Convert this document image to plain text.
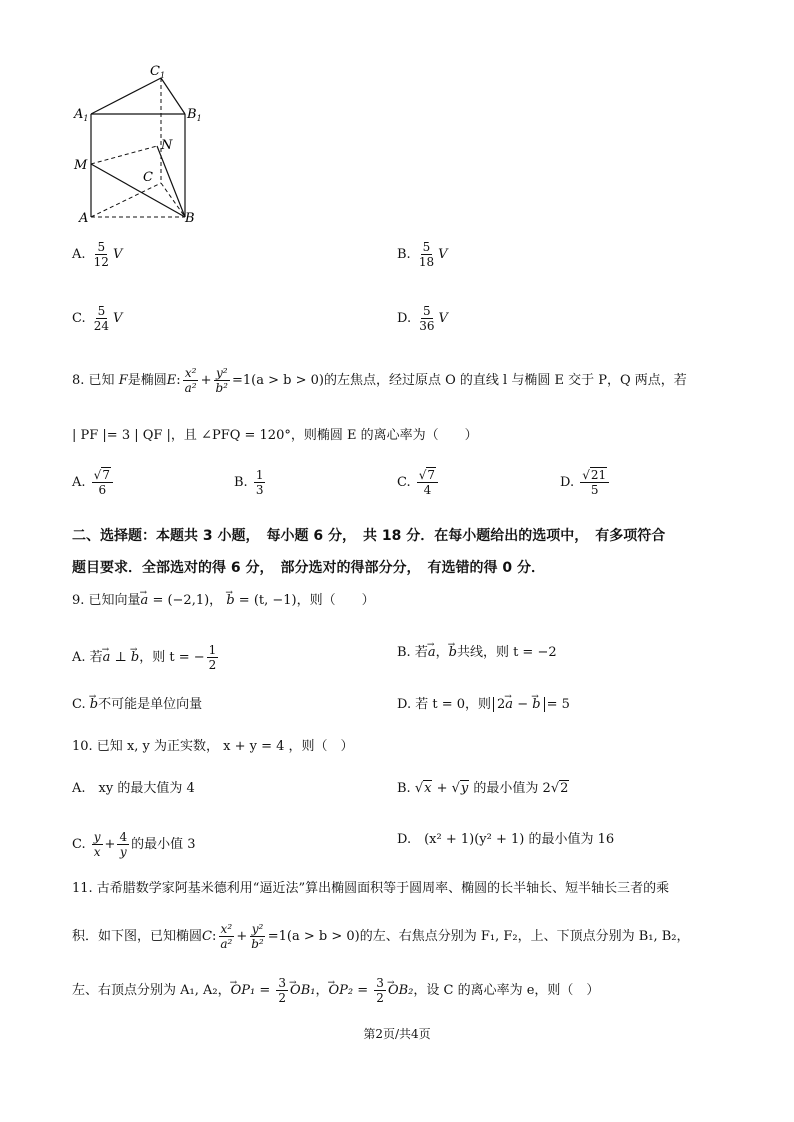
$C_1$
$A_1$	$B_1$
N
M
C
A	B
A. $\frac{5}{12}$ V	B. $\frac{5}{18}$ V
C. $\frac{5}{24}$ V	D. $\frac{5}{36}$ V
8. 已知 F是椭圆E: $\frac{\text{x²}}{\text{a²}} + \frac{\text{y²}}{\text{b²}} =1(a > b > 0)$的左焦点，经过原点 O 的直线 l 与椭圆 E 交于 P，Q 两点，若
| PF |= 3 | QF |，且 ∠PFQ = 120°，则椭圆 E 的离心率为（　　）
A. $\frac{√7}{6}$	B. $\frac{1}{3}$	C. $\frac{√7}{4}$	D. $\frac{√21}{5}$
二、选择题：本题共 3 小题，　每小题 6 分，　共 18 分．在每小题给出的选项中，　有多项符合
题目要求．全部选对的得 6 分，　部分选对的得部分分，　有选错的得 0 分．
9. 已知向量→ a = (−2,1)， → b = (t, −1)，则（　　）
A. 若→ a ⊥ → b，则 t = − $\frac{1}{2}$	B. 若→ a，→ b共线，则 t = −2
C. → b不可能是单位向量	D. 若 t = 0，则 2→ a − → b = 5
10. 已知 x, y 为正实数， x + y = 4 ，则（　）
A.　xy 的最大值为 4	B. √x + √y 的最小值为 2√2
C. $\frac{y}{x} + \frac{4}{y}$ 的最小值 3	D.　(x² + 1)(y² + 1) 的最小值为 16
11. 古希腊数学家阿基米德利用“逼近法”算出椭圆面积等于圆周率、椭圆的长半轴长、短半轴长三者的乘
积．如下图，已知椭圆C: $\frac{\text{x²}}{\text{a²}} + \frac{\text{y²}}{\text{b²}} =1(a > b > 0)$的左、右焦点分别为 F₁, F₂，上、下顶点分别为 B₁, B₂，
左、右顶点分别为 A₁, A₂，→ $OP_1 = \frac{3}{2} \to OB_1$，→ $OP_2 = \frac{3}{2} \to OB_2$，设 C 的离心率为 e，则（　）
第2页/共4页
